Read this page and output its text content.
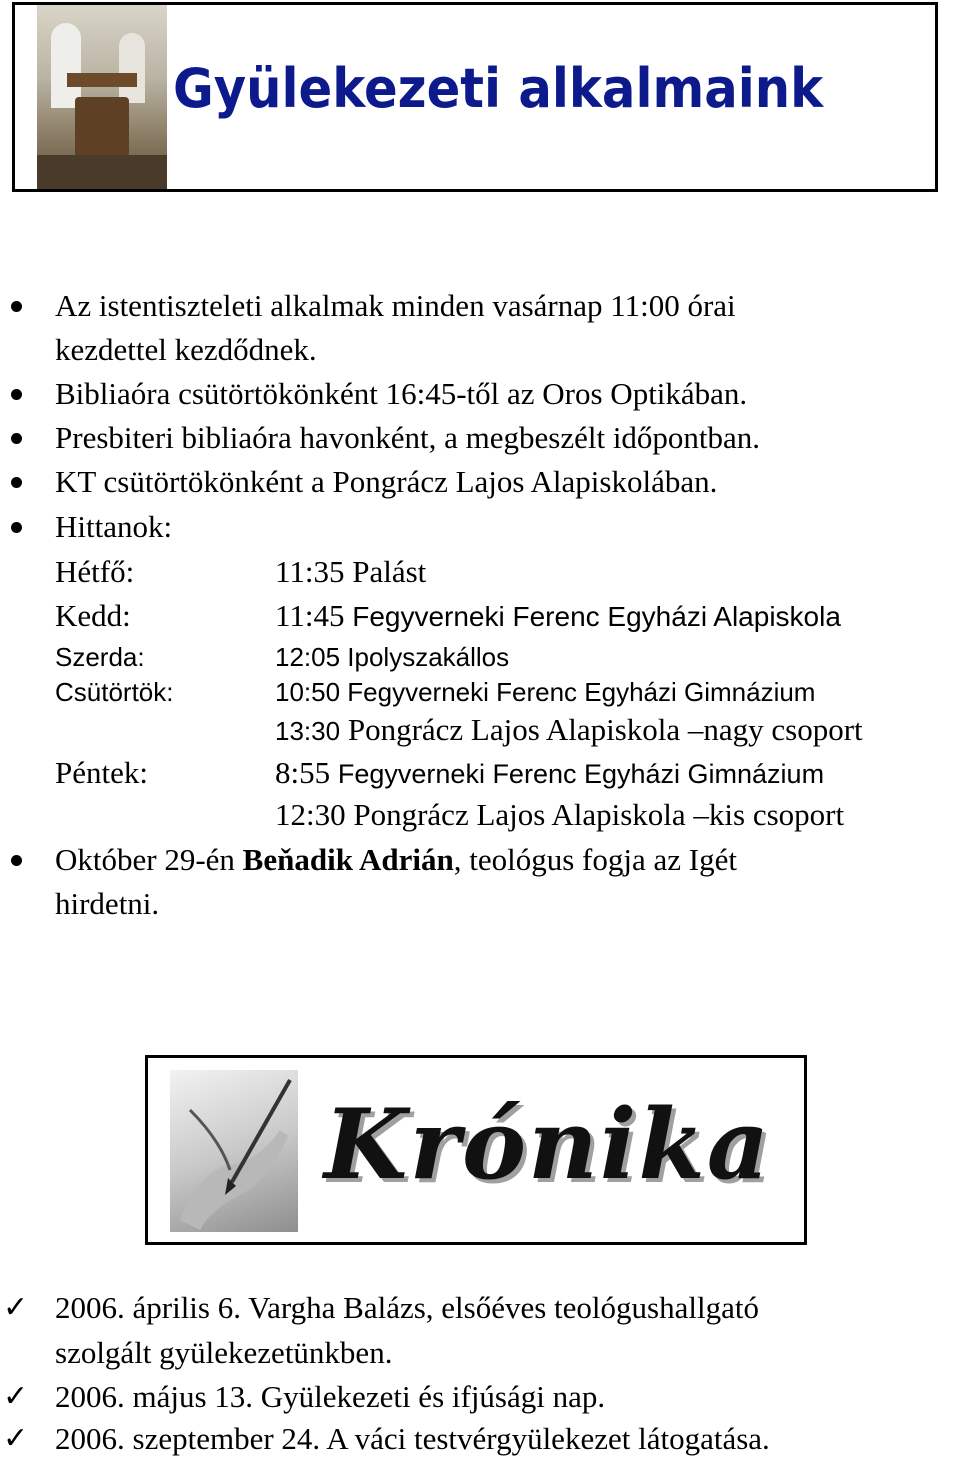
Gyülekezeti alkalmaink
Az istentiszteleti alkalmak minden vasárnap 11:00 órai
kezdettel kezdődnek.
Bibliaóra csütörtökönként 16:45-től az Oros Optikában.
Presbiteri bibliaóra havonként, a megbeszélt időpontban.
KT csütörtökönként a Pongrácz Lajos Alapiskolában.
Hittanok:
Hétfő:	11:35 Palást
Kedd:	11:45 Fegyverneki Ferenc Egyházi Alapiskola
Szerda:	12:05 Ipolyszakállos
Csütörtök:	10:50 Fegyverneki Ferenc Egyházi Gimnázium
13:30 Pongrácz Lajos Alapiskola –nagy csoport
Péntek:	8:55 Fegyverneki Ferenc Egyházi Gimnázium
12:30 Pongrácz Lajos Alapiskola –kis csoport
Október 29-én Beňadik Adrián, teológus fogja az Igét
hirdetni.
Krónika
✓ 2006. április 6. Vargha Balázs, elsőéves teológushallgató
szolgált gyülekezetünkben.
✓ 2006. május 13. Gyülekezeti és ifjúsági nap.
✓ 2006. szeptember 24. A váci testvérgyülekezet látogatása.
